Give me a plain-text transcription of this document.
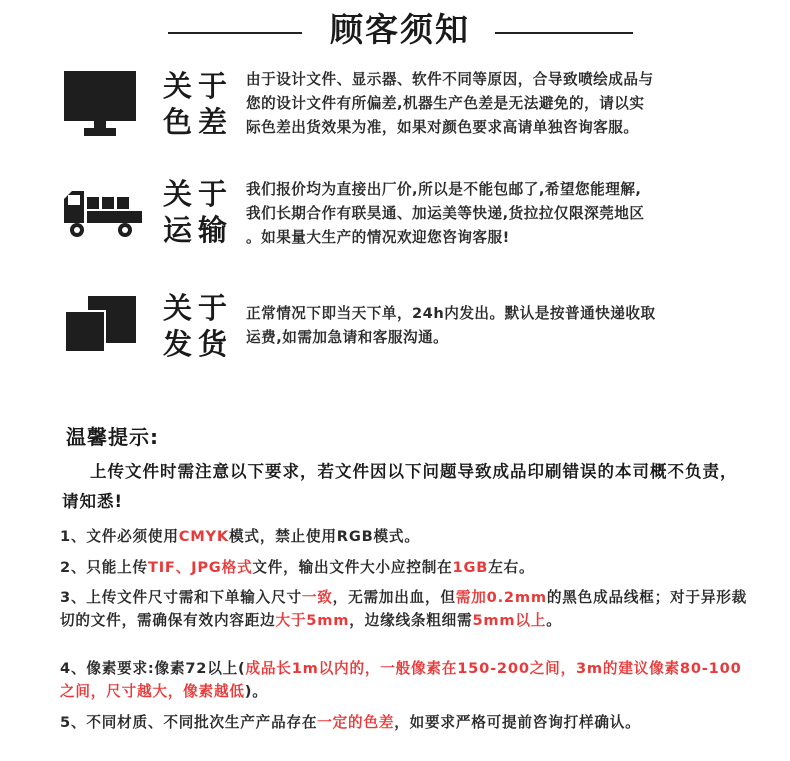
顾客须知
关于
色差
由于设计文件、显示器、软件不同等原因，合导致喷绘成品与
您的设计文件有所偏差,机器生产色差是无法避免的，请以实
际色差出货效果为准，如果对颜色要求高请单独咨询客服。
关于
运输
我们报价均为直接出厂价,所以是不能包邮了,希望您能理解,
我们长期合作有联昊通、加运美等快递,货拉拉仅限深莞地区
。如果量大生产的情况欢迎您咨询客服!
关于
发货
正常情况下即当天下单，24h内发出。默认是按普通快递收取
运费,如需加急请和客服沟通。
温馨提示:
上传文件时需注意以下要求，若文件因以下问题导致成品印刷错误的本司概不负责，请知悉!
1、文件必须使用CMYK模式，禁止使用RGB模式。
2、只能上传TIF、JPG格式文件，输出文件大小应控制在1GB左右。
3、上传文件尺寸需和下单输入尺寸一致，无需加出血，但需加0.2mm的黑色成品线框；对于异形裁切的文件，需确保有效内容距边大于5mm，边缘线条粗细需5mm以上。
4、像素要求:像素72以上(成品长1m以内的，一般像素在150-200之间，3m的建议像素80-100之间，尺寸越大，像素越低)。
5、不同材质、不同批次生产产品存在一定的色差，如要求严格可提前咨询打样确认。
